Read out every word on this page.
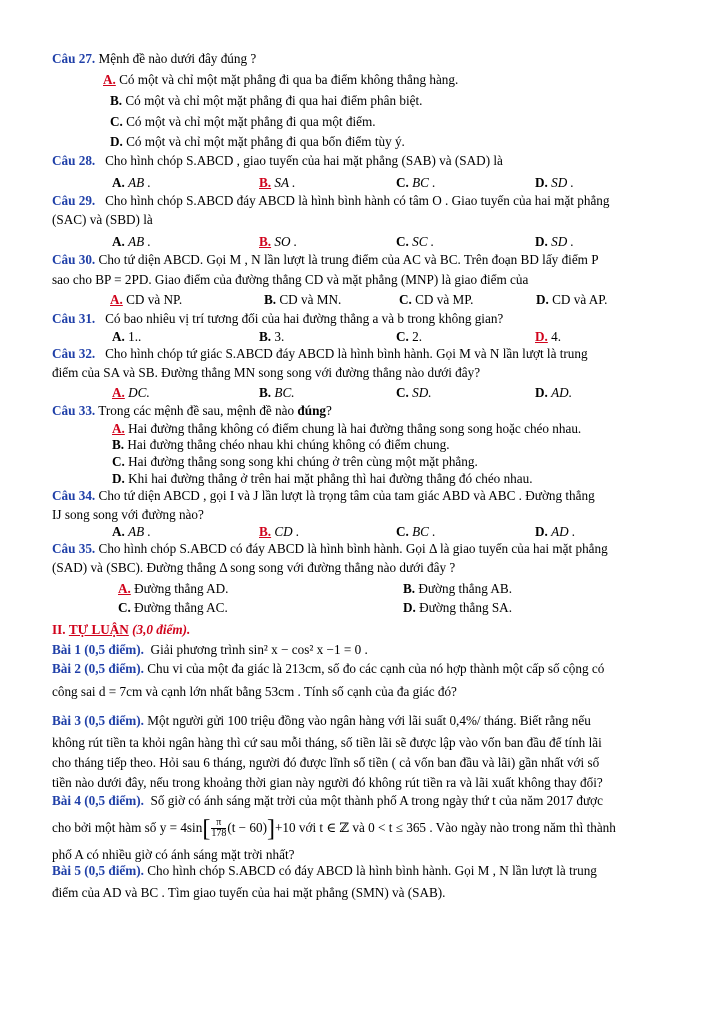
Câu 27. Mệnh đề nào dưới đây đúng ?
A. Có một và chỉ một mặt phẳng đi qua ba điểm không thẳng hàng.
B. Có một và chỉ một mặt phẳng đi qua hai điểm phân biệt.
C. Có một và chỉ một mặt phẳng đi qua một điểm.
D. Có một và chỉ một mặt phẳng đi qua bốn điểm tùy ý.
Câu 28. Cho hình chóp S.ABCD , giao tuyến của hai mặt phẳng (SAB) và (SAD) là
A. AB .	B. SA .	C. BC .	D. SD .
Câu 29. Cho hình chóp S.ABCD đáy ABCD là hình bình hành có tâm O . Giao tuyến của hai mặt phẳng
(SAC) và (SBD) là
A. AB .	B. SO .	C. SC .	D. SD .
Câu 30. Cho tứ diện ABCD. Gọi M , N lần lượt là trung điểm của AC và BC. Trên đoạn BD lấy điểm P
sao cho BP = 2PD. Giao điểm của đường thẳng CD và mặt phẳng (MNP) là giao điểm của
A. CD và NP.	B. CD và MN.	C. CD và MP.	D. CD và AP.
Câu 31. Có bao nhiêu vị trí tương đối của hai đường thẳng a và b trong không gian?
A. 1..	B. 3.	C. 2.	D. 4.
Câu 32. Cho hình chóp tứ giác S.ABCD đáy ABCD là hình bình hành. Gọi M và N lần lượt là trung
điểm của SA và SB. Đường thẳng MN song song với đường thẳng nào dưới đây?
A. DC.	B. BC.	C. SD.	D. AD.
Câu 33. Trong các mệnh đề sau, mệnh đề nào đúng?
A. Hai đường thẳng không có điểm chung là hai đường thẳng song song hoặc chéo nhau.
B. Hai đường thẳng chéo nhau khi chúng không có điểm chung.
C. Hai đường thẳng song song khi chúng ở trên cùng một mặt phẳng.
D. Khi hai đường thẳng ở trên hai mặt phẳng thì hai đường thẳng đó chéo nhau.
Câu 34. Cho tứ diện ABCD , gọi I và J lần lượt là trọng tâm của tam giác ABD và ABC . Đường thẳng
IJ song song với đường nào?
A. AB .	B. CD .	C. BC .	D. AD .
Câu 35. Cho hình chóp S.ABCD có đáy ABCD là hình bình hành. Gọi Δ là giao tuyến của hai mặt phẳng
(SAD) và (SBC). Đường thẳng Δ song song với đường thẳng nào dưới đây ?
A. Đường thẳng AD.	B. Đường thẳng AB.
C. Đường thẳng AC.	D. Đường thẳng SA.
II. TỰ LUẬN (3,0 điểm).
Bài 1 (0,5 điểm). Giải phương trình sin² x − cos² x −1 = 0 .
Bài 2 (0,5 điểm). Chu vi của một đa giác là 213cm, số đo các cạnh của nó hợp thành một cấp số cộng có
công sai d = 7cm và cạnh lớn nhất bằng 53cm . Tính số cạnh của đa giác đó?
Bài 3 (0,5 điểm). Một người gửi 100 triệu đồng vào ngân hàng với lãi suất 0,4%/ tháng. Biết rằng nếu
không rút tiền ta khỏi ngân hàng thì cứ sau mỗi tháng, số tiền lãi sẽ được lập vào vốn ban đầu để tính lãi
cho tháng tiếp theo. Hỏi sau 6 tháng, người đó được lĩnh số tiền ( cả vốn ban đầu và lãi) gần nhất với số
tiền nào dưới đây, nếu trong khoảng thời gian này người đó không rút tiền ra và lãi xuất không thay đổi?
Bài 4 (0,5 điểm). Số giờ có ánh sáng mặt trời của một thành phố A trong ngày thứ t của năm 2017 được
cho bởi một hàm số $y = 4\sin[ \frac{\pi}{178} (t - 60)]+10$ với t ∈ ℤ và 0 < t ≤ 365 . Vào ngày nào trong năm thì thành
phố A có nhiều giờ có ánh sáng mặt trời nhất?
Bài 5 (0,5 điểm). Cho hình chóp S.ABCD có đáy ABCD là hình bình hành. Gọi M , N lần lượt là trung
điểm của AD và BC . Tìm giao tuyến của hai mặt phẳng (SMN) và (SAB).
